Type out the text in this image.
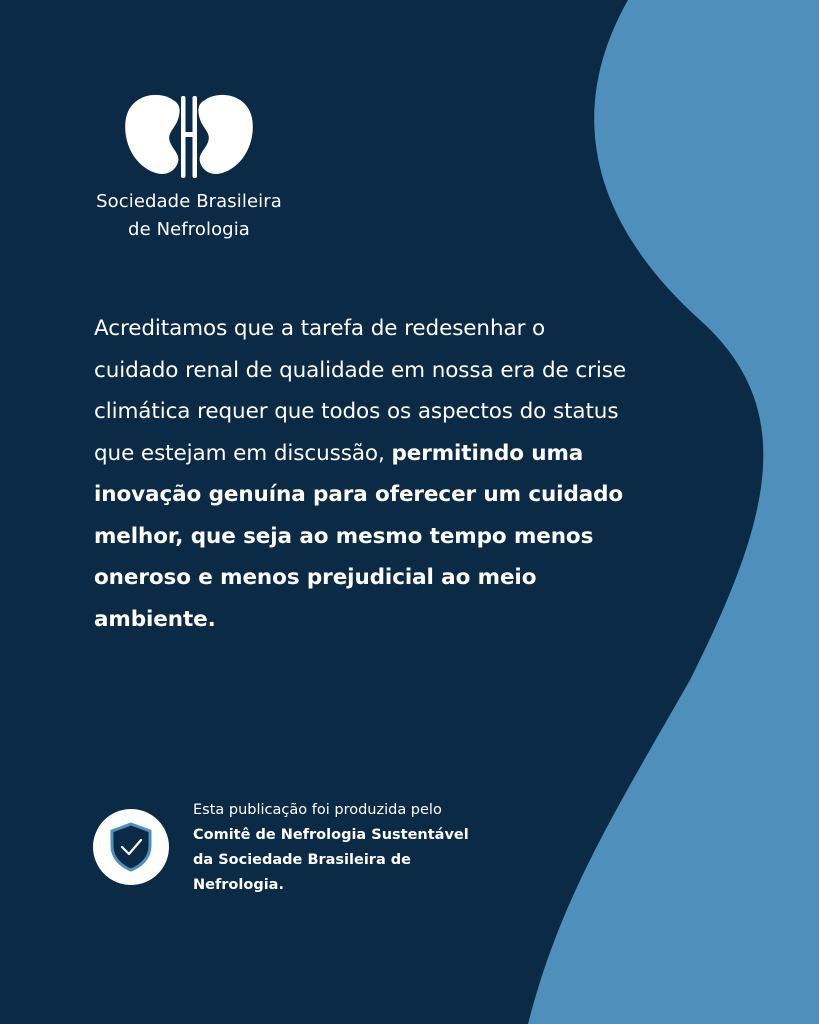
Sociedade Brasileira
de Nefrologia
Acreditamos que a tarefa de redesenhar o cuidado renal de qualidade em nossa era de crise climática requer que todos os aspectos do status que estejam em discussão, permitindo uma inovação genuína para oferecer um cuidado melhor, que seja ao mesmo tempo menos oneroso e menos prejudicial ao meio ambiente.
Esta publicação foi produzida pelo Comitê de Nefrologia Sustentável da Sociedade Brasileira de Nefrologia.
